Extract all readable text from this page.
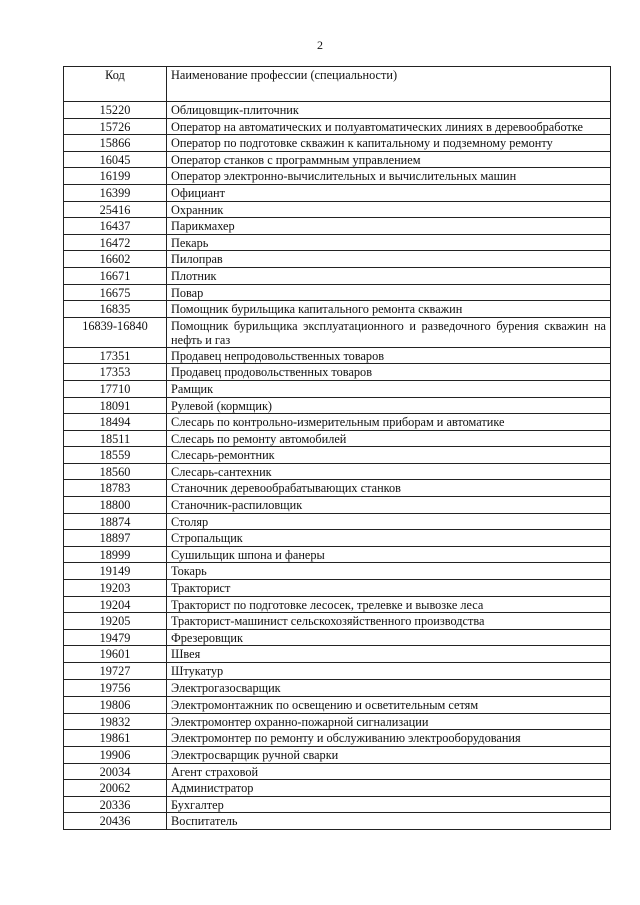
2
Код	Наименование профессии (специальности)
15220	Облицовщик-плиточник
15726	Оператор на автоматических и полуавтоматических линиях в деревообработке
15866	Оператор по подготовке скважин к капитальному и подземному ремонту
16045	Оператор станков с программным управлением
16199	Оператор электронно-вычислительных и вычислительных машин
16399	Официант
25416	Охранник
16437	Парикмахер
16472	Пекарь
16602	Пилоправ
16671	Плотник
16675	Повар
16835	Помощник бурильщика капитального ремонта скважин
16839-16840	Помощник бурильщика эксплуатационного и разведочного бурения скважин на нефть и газ
17351	Продавец непродовольственных товаров
17353	Продавец продовольственных товаров
17710	Рамщик
18091	Рулевой (кормщик)
18494	Слесарь по контрольно-измерительным приборам и автоматике
18511	Слесарь по ремонту автомобилей
18559	Слесарь-ремонтник
18560	Слесарь-сантехник
18783	Станочник деревообрабатывающих станков
18800	Станочник-распиловщик
18874	Столяр
18897	Стропальщик
18999	Сушильщик шпона и фанеры
19149	Токарь
19203	Тракторист
19204	Тракторист по подготовке лесосек, трелевке и вывозке леса
19205	Тракторист-машинист сельскохозяйственного производства
19479	Фрезеровщик
19601	Швея
19727	Штукатур
19756	Электрогазосварщик
19806	Электромонтажник по освещению и осветительным сетям
19832	Электромонтер охранно-пожарной сигнализации
19861	Электромонтер по ремонту и обслуживанию электрооборудования
19906	Электросварщик ручной сварки
20034	Агент страховой
20062	Администратор
20336	Бухгалтер
20436	Воспитатель
